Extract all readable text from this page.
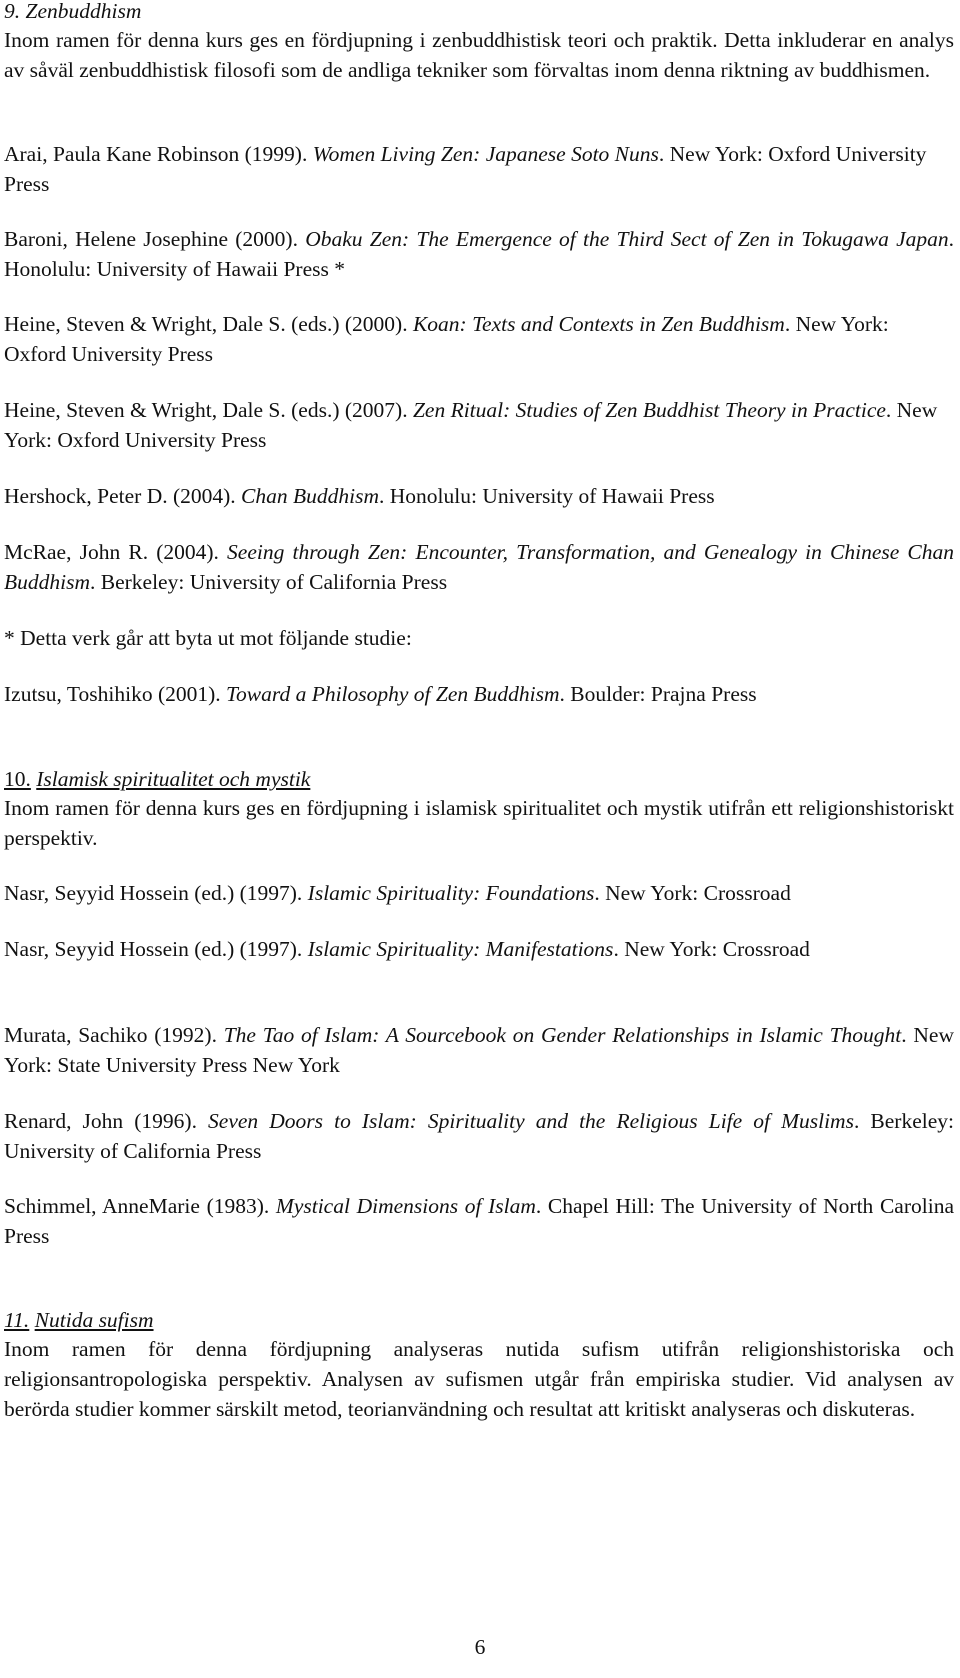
9. Zenbuddhism
Inom ramen för denna kurs ges en fördjupning i zenbuddhistisk teori och praktik. Detta inkluderar en analys av såväl zenbuddhistisk filosofi som de andliga tekniker som förvaltas inom denna riktning av buddhismen.
Arai, Paula Kane Robinson (1999). Women Living Zen: Japanese Soto Nuns. New York: Oxford University Press
Baroni, Helene Josephine (2000). Obaku Zen: The Emergence of the Third Sect of Zen in Tokugawa Japan. Honolulu: University of Hawaii Press *
Heine, Steven & Wright, Dale S. (eds.) (2000). Koan: Texts and Contexts in Zen Buddhism. New York: Oxford University Press
Heine, Steven & Wright, Dale S. (eds.) (2007). Zen Ritual: Studies of Zen Buddhist Theory in Practice. New York: Oxford University Press
Hershock, Peter D. (2004). Chan Buddhism. Honolulu: University of Hawaii Press
McRae, John R. (2004). Seeing through Zen: Encounter, Transformation, and Genealogy in Chinese Chan Buddhism. Berkeley: University of California Press
* Detta verk går att byta ut mot följande studie:
Izutsu, Toshihiko (2001). Toward a Philosophy of Zen Buddhism. Boulder: Prajna Press
10. Islamisk spiritualitet och mystik
Inom ramen för denna kurs ges en fördjupning i islamisk spiritualitet och mystik utifrån ett religionshistoriskt perspektiv.
Nasr, Seyyid Hossein (ed.) (1997). Islamic Spirituality: Foundations. New York: Crossroad
Nasr, Seyyid Hossein (ed.) (1997). Islamic Spirituality: Manifestations. New York: Crossroad
Murata, Sachiko (1992). The Tao of Islam: A Sourcebook on Gender Relationships in Islamic Thought. New York: State University Press New York
Renard, John (1996). Seven Doors to Islam: Spirituality and the Religious Life of Muslims. Berkeley: University of California Press
Schimmel, AnneMarie (1983). Mystical Dimensions of Islam. Chapel Hill: The University of North Carolina Press
11. Nutida sufism
Inom ramen för denna fördjupning analyseras nutida sufism utifrån religionshistoriska och religionsantropologiska perspektiv. Analysen av sufismen utgår från empiriska studier. Vid analysen av berörda studier kommer särskilt metod, teorianvändning och resultat att kritiskt analyseras och diskuteras.
6
